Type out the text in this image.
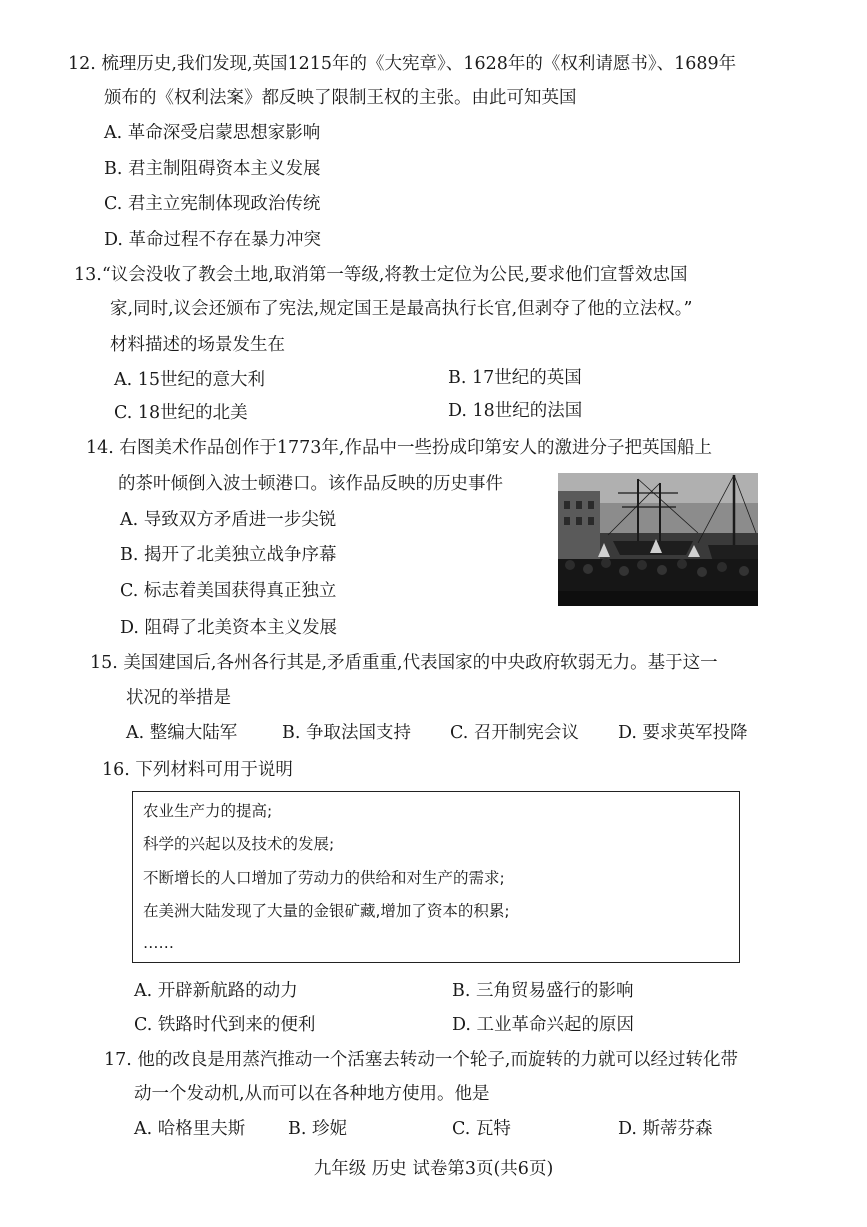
12. 梳理历史,我们发现,英国1215年的《大宪章》、1628年的《权利请愿书》、1689年
颁布的《权利法案》都反映了限制王权的主张。由此可知英国
A. 革命深受启蒙思想家影响
B. 君主制阻碍资本主义发展
C. 君主立宪制体现政治传统
D. 革命过程不存在暴力冲突
13.“议会没收了教会土地,取消第一等级,将教士定位为公民,要求他们宣誓效忠国
家,同时,议会还颁布了宪法,规定国王是最高执行长官,但剥夺了他的立法权。”
材料描述的场景发生在
A. 15世纪的意大利	B. 17世纪的英国
C. 18世纪的北美	D. 18世纪的法国
14. 右图美术作品创作于1773年,作品中一些扮成印第安人的激进分子把英国船上
的茶叶倾倒入波士顿港口。该作品反映的历史事件
A. 导致双方矛盾进一步尖锐
B. 揭开了北美独立战争序幕
C. 标志着美国获得真正独立
D. 阻碍了北美资本主义发展
15. 美国建国后,各州各行其是,矛盾重重,代表国家的中央政府软弱无力。基于这一
状况的举措是
A. 整编大陆军	B. 争取法国支持 C. 召开制宪会议 D. 要求英军投降
16. 下列材料可用于说明
农业生产力的提高;
科学的兴起以及技术的发展;
不断增长的人口增加了劳动力的供给和对生产的需求;
在美洲大陆发现了大量的金银矿藏,增加了资本的积累;
……
A. 开辟新航路的动力	B. 三角贸易盛行的影响
C. 铁路时代到来的便利	D. 工业革命兴起的原因
17. 他的改良是用蒸汽推动一个活塞去转动一个轮子,而旋转的力就可以经过转化带
动一个发动机,从而可以在各种地方使用。他是
A. 哈格里夫斯 B. 珍妮	C. 瓦特	D. 斯蒂芬森
九年级 历史 试卷第3页(共6页)
